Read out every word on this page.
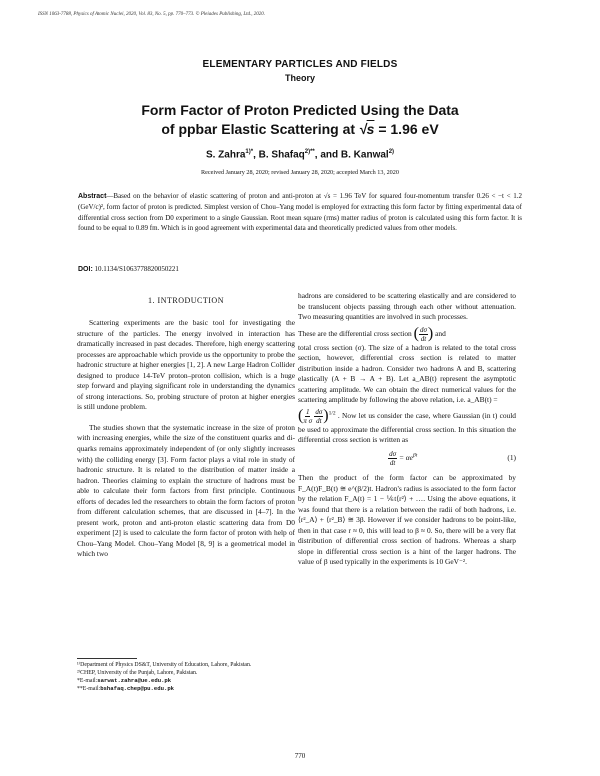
ISSN 1063-7788, Physics of Atomic Nuclei, 2020, Vol. 83, No. 5, pp. 770–773. © Pleiades Publishing, Ltd., 2020.
ELEMENTARY PARTICLES AND FIELDS
Theory
Form Factor of Proton Predicted Using the Data
of ppbar Elastic Scattering at √s = 1.96 eV
S. Zahra$^{1)*}$, B. Shafaq$^{2)**}$, and B. Kanwal$^{2)}$
Received January 28, 2020; revised January 28, 2020; accepted March 13, 2020
Abstract—Based on the behavior of elastic scattering of proton and anti-proton at √s = 1.96 TeV for squared four-momentum transfer 0.26 < −t < 1.2 (GeV/c)², form factor of proton is predicted. Simplest version of Chou–Yang model is employed for extracting this form factor by fitting experimental data of differential cross section from D0 experiment to a single Gaussian. Root mean square (rms) matter radius of proton is calculated using this form factor. It is found to be equal to 0.89 fm. Which is in good agreement with experimental data and theoretically predicted values from other models.
DOI: 10.1134/S1063778820050221
1. INTRODUCTION

Scattering experiments are the basic tool for investigating the structure of the particles. The energy involved in interaction has dramatically increased in past decades. Therefore, high energy scattering processes are approachable which provide us the opportunity to probe the hadronic structure at higher energies [1, 2]. A new Large Hadron Collider designed to produce 14-TeV proton–proton collision, which is a huge step forward and playing significant role in understanding the dynamics of strong interactions. So, probing structure of proton at higher energies is still undone problem.

The studies shown that the systematic increase in the size of proton with increasing energies, while the size of the constituent quarks and di-quarks remains approximately independent of (or only slightly increases with) the colliding energy [3]. Form factor plays a vital role in study of hadronic structure. It is related to the distribution of matter inside a hadron. Theories claiming to explain the structure of hadrons must be able to calculate their form factors from first principle. Continuous efforts of decades led the researchers to obtain the form factors of proton from different calculation schemes, that are discussed in [4–7]. In the present work, proton and anti-proton elastic scattering data from D0 experiment [2] is used to calculate the form factor of proton with help of Chou–Yang Model. Chou–Yang Model [8, 9] is a geometrical model in which two

hadrons are considered to be scattering elastically and are considered to be translucent objects passing through each other without attenuation. Two measuring quantities are involved in such processes.

These are the differential cross section ( $\frac{d\sigma}{dt}$ ) and

total cross section (σ). The size of a hadron is related to the total cross section, however, differential cross section is related to matter distribution inside a hadron. Consider two hadrons A and B, scattering elastically (A + B → A + B). Let a_AB(t) represent the asymptotic scattering amplitude. We can obtain the direct numerical values for the scattering amplitude by following the above relation, i.e. a_AB(t) =

( $\frac{1}{\text{π σ}}$
$\frac{d\sigma}{dt} )^{1/2}$ . Now let us consider the case, where Gaussian (in t) could be used to approximate the differential cross section. In this situation the differential cross section is written as

$\frac{d\sigma}{dt} = \alpha e^{\beta t}$	(1)

Then the product of the form factor can be approximated by F_A(t)F_B(t) ≅ e^(β/2)t. Hadron's radius is associated to the form factor by the relation F_A(t) = 1 − ⅙t⟨r²⟩ + …. Using the above equations, it was found that there is a relation between the radii of both hadrons, i.e. ⟨r²_A⟩ + ⟨r²_B⟩ ≅ 3β. However if we consider hadrons to be point-like, then in that case r ≈ 0, this will lead to β ≈ 0. So, there will be a very flat distribution of differential cross section of hadrons. Whereas a sharp slope in differential cross section is a hint of the larger hadrons. The value of β used typically in the experiments is 10 GeV⁻².

¹⁾Department of Physics DS&T, University of Education, Lahore, Pakistan.
²⁾CHEP, University of the Punjab, Lahore, Pakistan.
*E-mail:sarwat.zahra@ue.edu.pk
**E-mail:bshafaq.chep@pu.edu.pk
770
